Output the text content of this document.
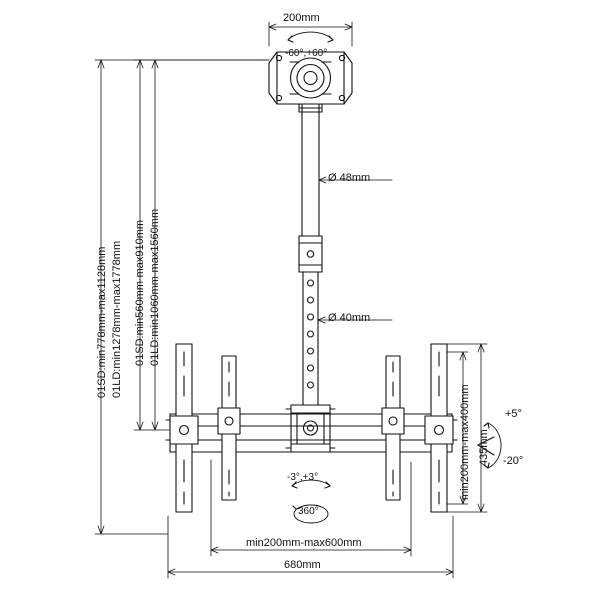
200mm
-60°,+60°
Ø 48mm
Ø 40mm
01SD:min778mm-max1128mm 01LD:min1278mm-max1778mm 01SD:min560mm-max910mm 01LD:min1060mm-max1560mm
-3°,+3°
360°
min200mm-max400mm 435mm
+5°
-20°
min200mm-max600mm
680mm
